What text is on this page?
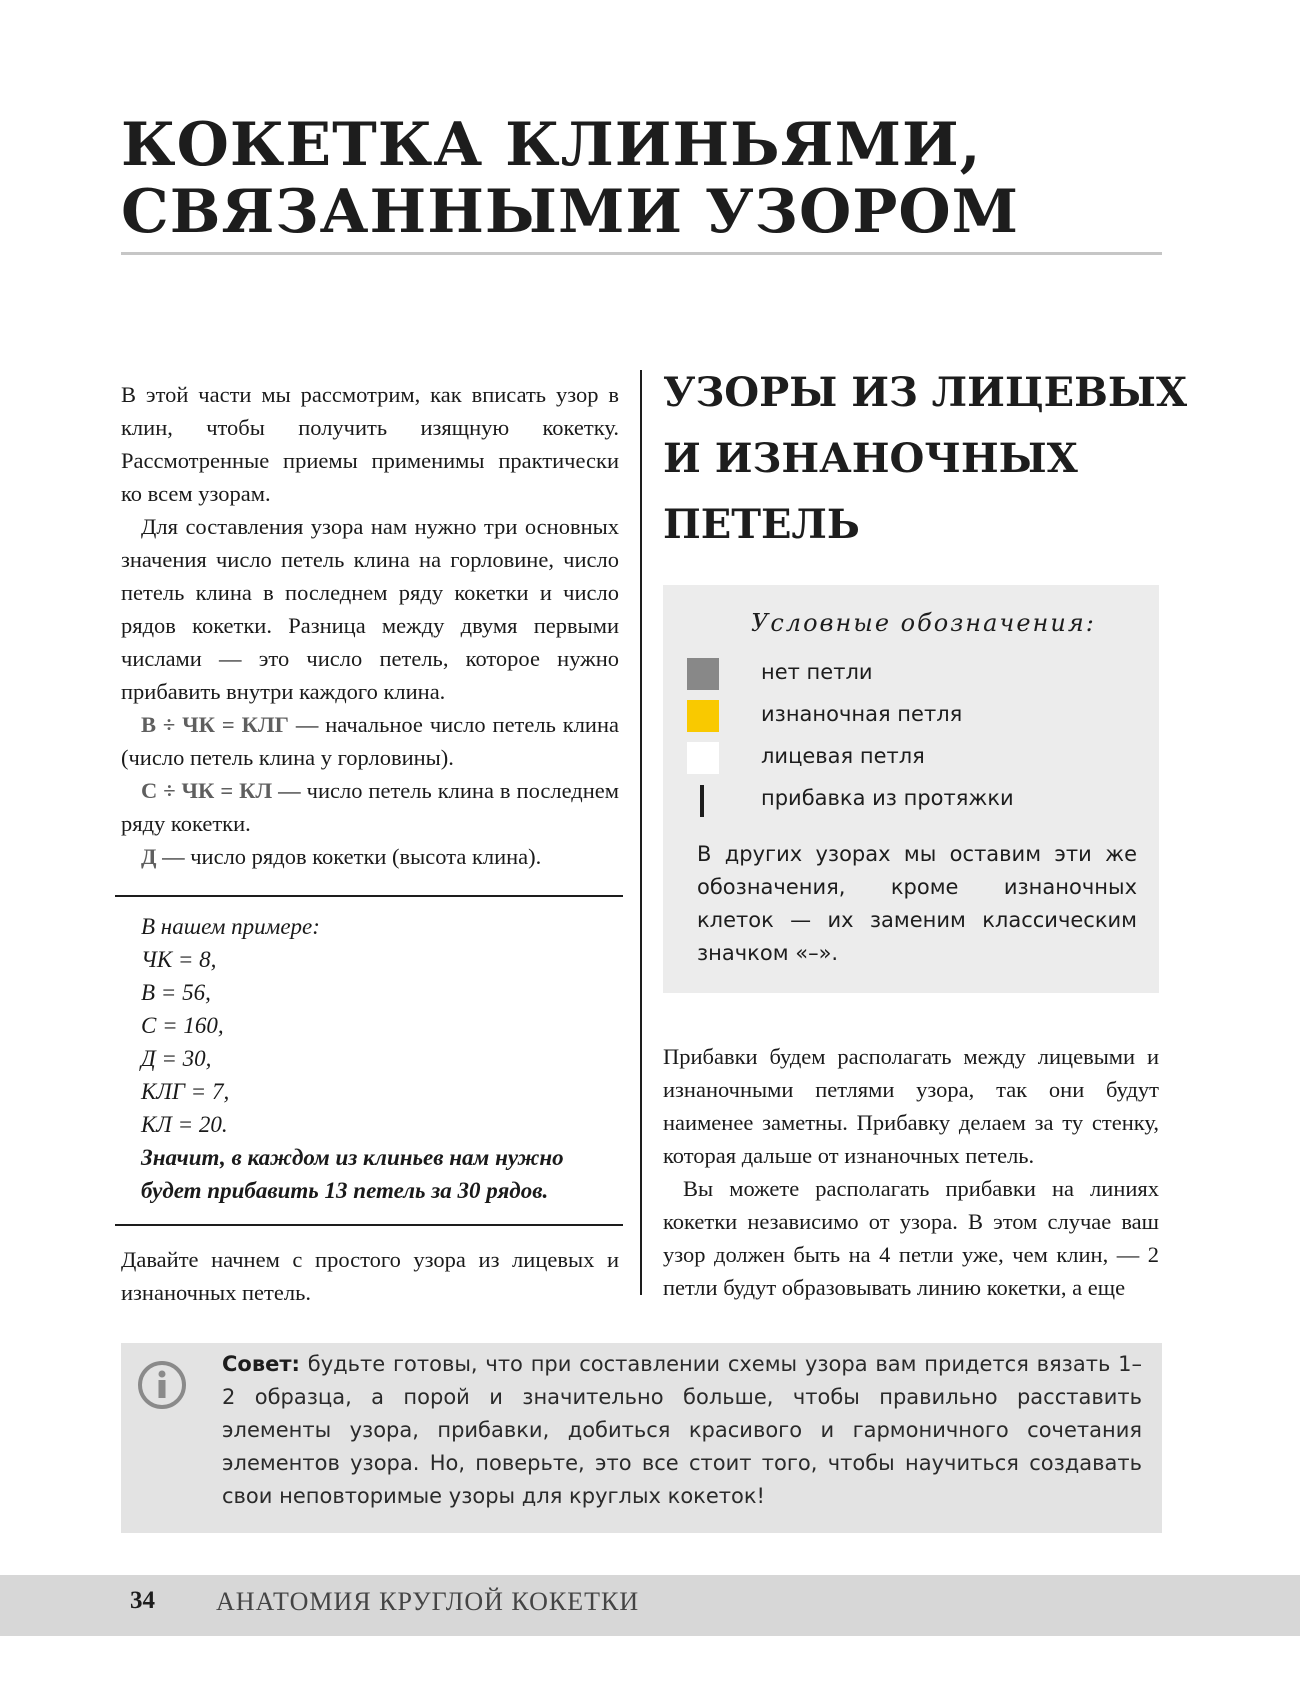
КОКЕТКА КЛИНЬЯМИ,
СВЯЗАННЫМИ УЗОРОМ

В этой части мы рассмотрим, как вписать узор в клин, чтобы получить изящную кокетку. Рассмотренные приемы применимы практически ко всем узорам.

Для составления узора нам нужно три основных значения число петель клина на горловине, число петель клина в последнем ряду кокетки и число рядов кокетки. Разница между двумя первыми числами — это число петель, которое нужно прибавить внутри каждого клина.

В ÷ ЧК = КЛГ — начальное число петель клина (число петель клина у горловины).

С ÷ ЧК = КЛ — число петель клина в последнем ряду кокетки.

Д — число рядов кокетки (высота клина).

В нашем примере:
ЧК = 8,
В = 56,
С = 160,
Д = 30,
КЛГ = 7,
КЛ = 20.
Значит, в каждом из клиньев нам нужно будет прибавить 13 петель за 30 рядов.

Давайте начнем с простого узора из лицевых и изнаночных петель.

УЗОРЫ ИЗ ЛИЦЕВЫХ
И ИЗНАНОЧНЫХ
ПЕТЕЛЬ
Условные обозначения:
нет петли
изнаночная петля
лицевая петля
прибавка из протяжки

В других узорах мы оставим эти же обозначения, кроме изнаночных клеток — их заменим классическим значком «–».

Прибавки будем располагать между лицевыми и изнаночными петлями узора, так они будут наименее заметны. Прибавку делаем за ту стенку, которая дальше от изнаночных петель.

Вы можете располагать прибавки на линиях кокетки независимо от узора. В этом случае ваш узор должен быть на 4 петли уже, чем клин, — 2 петли будут образовывать линию кокетки, а еще

Совет: будьте готовы, что при составлении схемы узора вам придется вязать 1–2 образца, а порой и значительно больше, чтобы правильно расставить элементы узора, прибавки, добиться красивого и гармоничного сочетания элементов узора. Но, поверьте, это все стоит того, чтобы научиться создавать свои неповторимые узоры для круглых кокеток!

34 АНАТОМИЯ КРУГЛОЙ КОКЕТКИ
